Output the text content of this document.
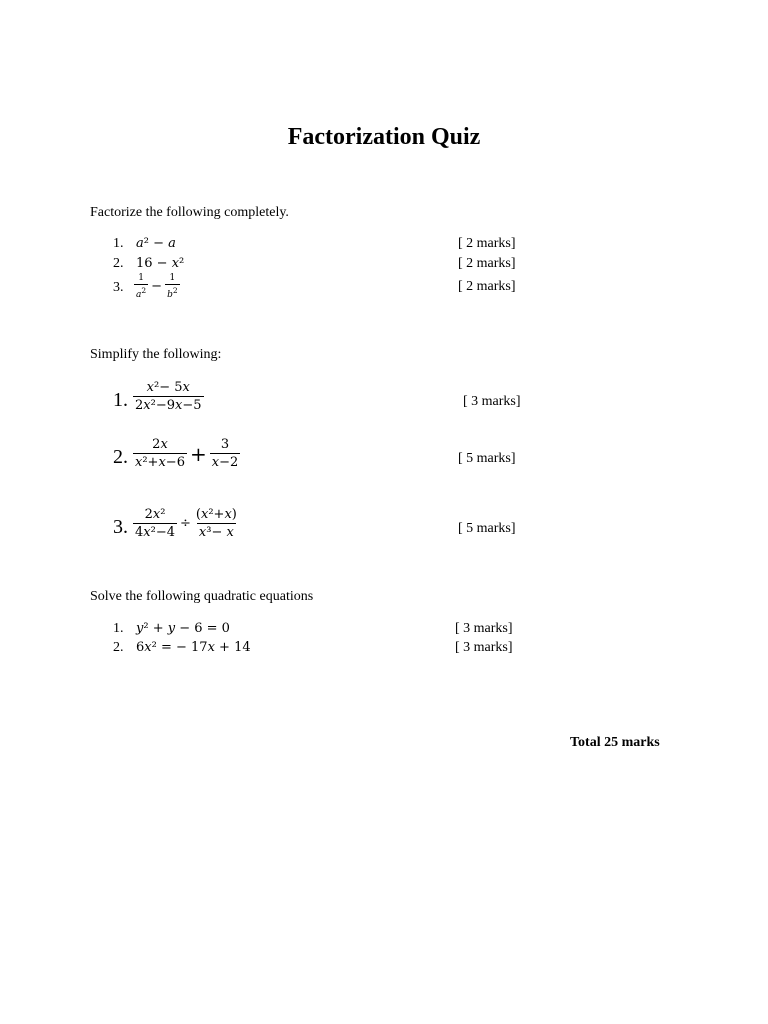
Factorization Quiz
Factorize the following completely.
1. a² − a	[ 2 marks]
2. 16 − x²	[ 2 marks]
3. $\frac{1}{a^2} - \frac{1}{b^2}$	[ 2 marks]
Simplify the following:
1. $\frac{\text{x²− 5x}}{\text{2x²−9x−5}}$	[ 3 marks]
2. $\frac{2x}{\text{x²+x−6}} + \frac{3}{x-2}$	[ 5 marks]
3. $\frac{\text{2x²}}{\text{4x²−4}} \div \frac{\text{(x²+x)}}{\text{x³− x}}$	[ 5 marks]
Solve the following quadratic equations
1. y² + y − 6 = 0	[ 3 marks]
2. 6x² = − 17x + 14	[ 3 marks]
Total 25 marks
